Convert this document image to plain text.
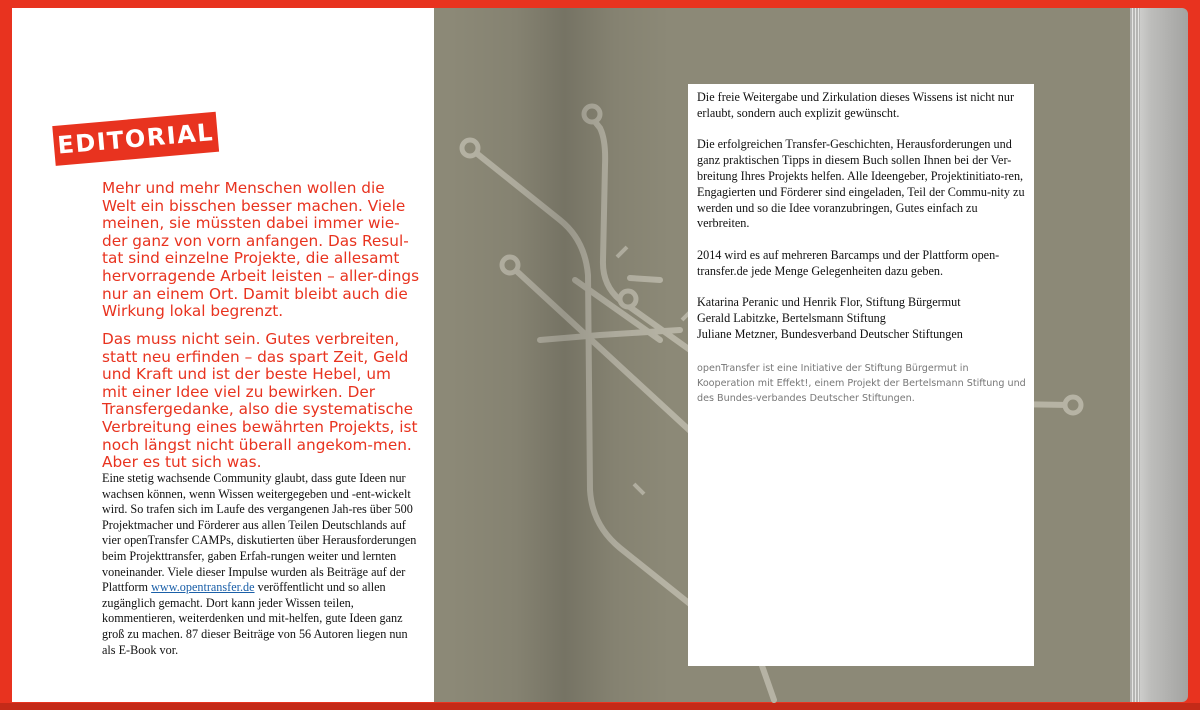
EDITORIAL
Mehr und mehr Menschen wollen die Welt ein bisschen besser machen. Viele meinen, sie müssten dabei immer wie-der ganz von vorn anfangen. Das Resul-tat sind einzelne Projekte, die allesamt hervorragende Arbeit leisten – aller-dings nur an einem Ort. Damit bleibt auch die Wirkung lokal begrenzt.
Das muss nicht sein. Gutes verbreiten, statt neu erfinden – das spart Zeit, Geld und Kraft und ist der beste Hebel, um mit einer Idee viel zu bewirken. Der Transfergedanke, also die systematische Verbreitung eines bewährten Projekts, ist noch längst nicht überall angekom-men. Aber es tut sich was.
Eine stetig wachsende Community glaubt, dass gute Ideen nur wachsen können, wenn Wissen weitergegeben und -ent-wickelt wird. So trafen sich im Laufe des vergangenen Jah-res über 500 Projektmacher und Förderer aus allen Teilen Deutschlands auf vier openTransfer CAMPs, diskutierten über Herausforderungen beim Projekttransfer, gaben Erfah-rungen weiter und lernten voneinander. Viele dieser Impulse wurden als Beiträge auf der Plattform www.opentransfer.de veröffentlicht und so allen zugänglich gemacht. Dort kann jeder Wissen teilen, kommentieren, weiterdenken und mit-helfen, gute Ideen ganz groß zu machen. 87 dieser Beiträge von 56 Autoren liegen nun als E-Book vor.

Die freie Weitergabe und Zirkulation dieses Wissens ist nicht nur erlaubt, sondern auch explizit gewünscht.

Die erfolgreichen Transfer-Geschichten, Herausforderungen und ganz praktischen Tipps in diesem Buch sollen Ihnen bei der Ver-breitung Ihres Projekts helfen. Alle Ideengeber, Projektinitiato-ren, Engagierten und Förderer sind eingeladen, Teil der Commu-nity zu werden und so die Idee voranzubringen, Gutes einfach zu verbreiten.

2014 wird es auf mehreren Barcamps und der Plattform open-transfer.de jede Menge Gelegenheiten dazu geben.

Katarina Peranic und Henrik Flor, Stiftung Bürgermut
Gerald Labitzke, Bertelsmann Stiftung
Juliane Metzner, Bundesverband Deutscher Stiftungen
openTransfer ist eine Initiative der Stiftung Bürgermut in Kooperation mit Effekt!, einem Projekt der Bertelsmann Stiftung und des Bundes-verbandes Deutscher Stiftungen.
